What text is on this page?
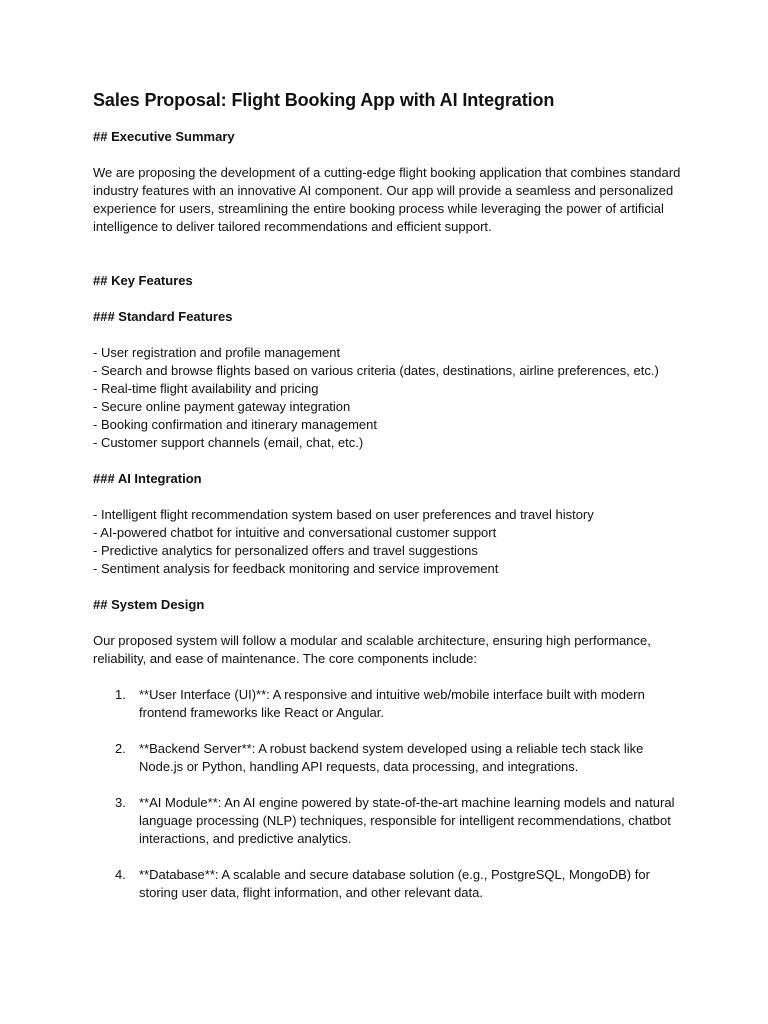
Sales Proposal: Flight Booking App with AI Integration
## Executive Summary
We are proposing the development of a cutting-edge flight booking application that combines standard industry features with an innovative AI component. Our app will provide a seamless and personalized experience for users, streamlining the entire booking process while leveraging the power of artificial intelligence to deliver tailored recommendations and efficient support.
## Key Features
### Standard Features
- User registration and profile management
- Search and browse flights based on various criteria (dates, destinations, airline preferences, etc.)
- Real-time flight availability and pricing
- Secure online payment gateway integration
- Booking confirmation and itinerary management
- Customer support channels (email, chat, etc.)
### AI Integration
- Intelligent flight recommendation system based on user preferences and travel history
- AI-powered chatbot for intuitive and conversational customer support
- Predictive analytics for personalized offers and travel suggestions
- Sentiment analysis for feedback monitoring and service improvement
## System Design
Our proposed system will follow a modular and scalable architecture, ensuring high performance, reliability, and ease of maintenance. The core components include:
1. **User Interface (UI)**: A responsive and intuitive web/mobile interface built with modern frontend frameworks like React or Angular.
2. **Backend Server**: A robust backend system developed using a reliable tech stack like Node.js or Python, handling API requests, data processing, and integrations.
3. **AI Module**: An AI engine powered by state-of-the-art machine learning models and natural language processing (NLP) techniques, responsible for intelligent recommendations, chatbot interactions, and predictive analytics.
4. **Database**: A scalable and secure database solution (e.g., PostgreSQL, MongoDB) for storing user data, flight information, and other relevant data.
